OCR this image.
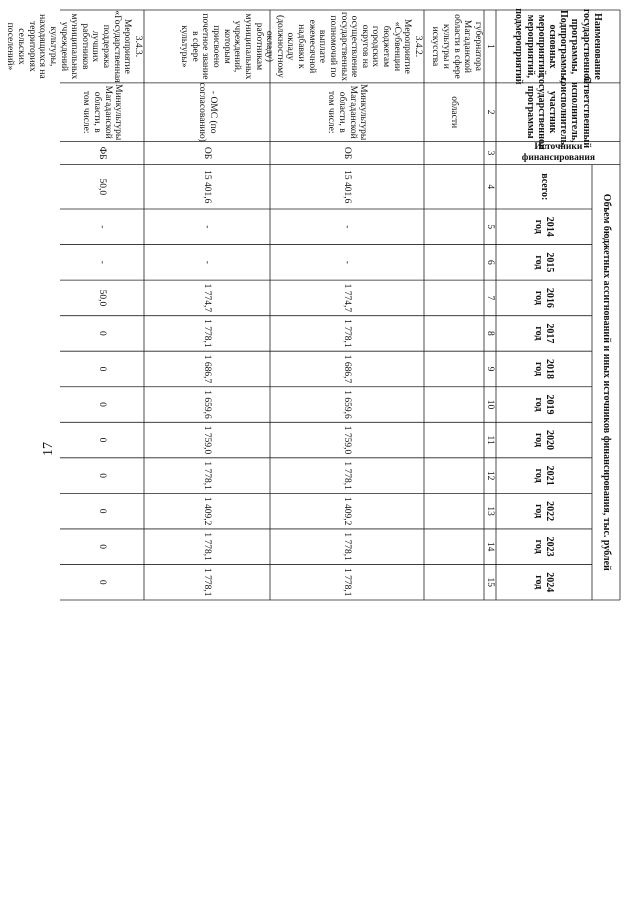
17
Наименование государственной программы, Подпрограммы, основных мероприятий, мероприятий, подмероприятий
Ответственный исполнитель, соисполнитель, участник государственной программы
Источники финансирования
всего:
Объем бюджетных ассигнований и иных источников финансирования, тыс. рублей
2014
год
2015
год
2016
год
2017
год
2018
год
2019
год
2020
год
2021
год
2022
год
2023
год
2024
год
1
2
3
4
5
6
7
8
9
10
11
12
13
14
15
губернатора Магаданской области в сфере культуры и искусства
области
3.4.2. Мероприятие «Субвенции бюджетам городских округов на осуществление государственных полномочий по выплате ежемесячной надбавки к окладу (должностному окладу) работникам муниципальных учреждений, которым присвоено почетное звание в сфере культуры»
Минкультуры Магаданской области, в том числе:
ОБ
15 401,6
-
-
1 774,7
1 778,1
1 686,7
1 659,6
1 759,0
1 778,1
1 409,2
1 778,1
1 778,1
- ОМС (по согласованию)
ОБ
15 401,6
-
-
1 774,7
1 778,1
1 686,7
1 659,6
1 759,0
1 778,1
1 409,2
1 778,1
1 778,1
3.4.3. Мероприятие «Государственная поддержка лучших работников муниципальных учреждений культуры, находящихся на территориях сельских поселений»
Минкультуры Магаданской области, в том числе:
ФБ
50,0
-
-
50,0
0
0
0
0
0
0
0
0
